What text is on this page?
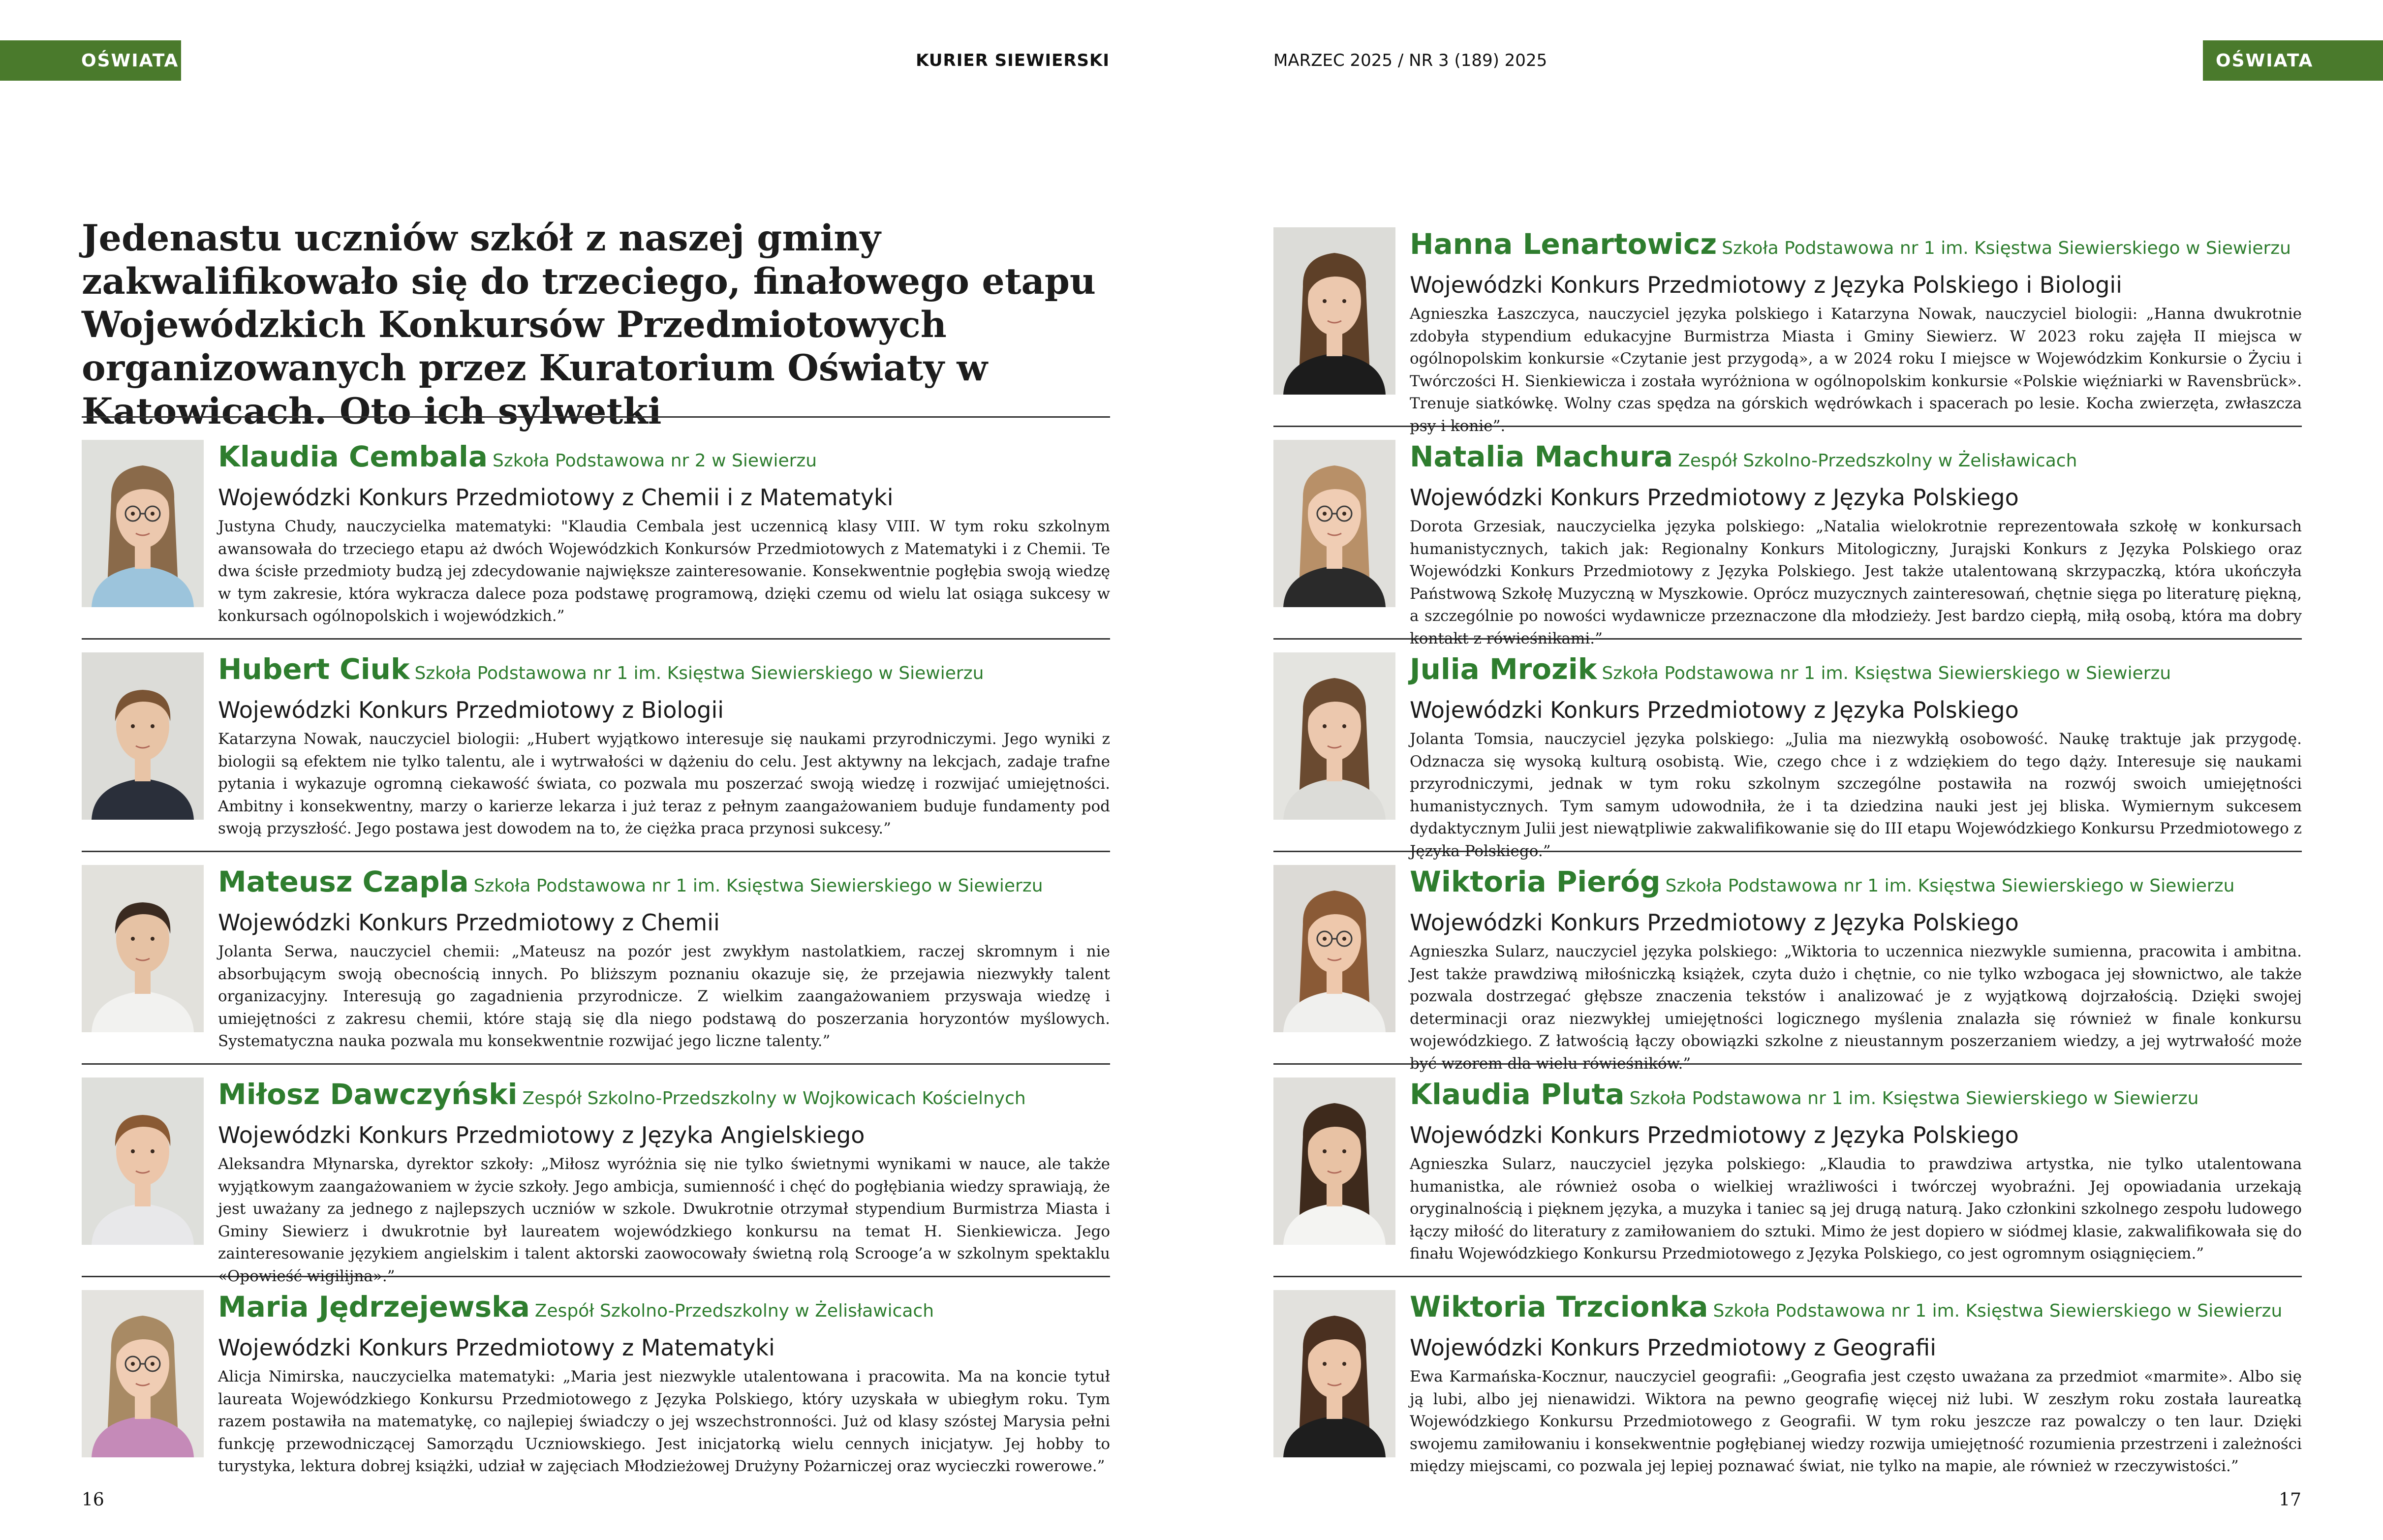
OŚWIATA	KURIER SIEWIERSKI
Jedenastu uczniów szkół z naszej gminy zakwalifikowało się do trzeciego, finałowego etapu Wojewódzkich Konkursów Przedmiotowych organizowanych przez Kuratorium Oświaty w Katowicach. Oto ich sylwetki
Klaudia Cembala Szkoła Podstawowa nr 2 w Siewierzu
Wojewódzki Konkurs Przedmiotowy z Chemii i z Matematyki
Justyna Chudy, nauczycielka matematyki: "Klaudia Cembala jest uczennicą klasy VIII. W tym roku szkolnym awansowała do trzeciego etapu aż dwóch Wojewódzkich Konkursów Przedmiotowych z Matematyki i z Chemii. Te dwa ścisłe przedmioty budzą jej zdecydowanie największe zainteresowanie. Konsekwentnie pogłębia swoją wiedzę w tym zakresie, która wykracza dalece poza podstawę programową, dzięki czemu od wielu lat osiąga sukcesy w konkursach ogólnopolskich i wojewódzkich.”
Hubert Ciuk Szkoła Podstawowa nr 1 im. Księstwa Siewierskiego w Siewierzu
Wojewódzki Konkurs Przedmiotowy z Biologii
Katarzyna Nowak, nauczyciel biologii: „Hubert wyjątkowo interesuje się naukami przyrodniczymi. Jego wyniki z biologii są efektem nie tylko talentu, ale i wytrwałości w dążeniu do celu. Jest aktywny na lekcjach, zadaje trafne pytania i wykazuje ogromną ciekawość świata, co pozwala mu poszerzać swoją wiedzę i rozwijać umiejętności. Ambitny i konsekwentny, marzy o karierze lekarza i już teraz z pełnym zaangażowaniem buduje fundamenty pod swoją przyszłość. Jego postawa jest dowodem na to, że ciężka praca przynosi sukcesy.”
Mateusz Czapla Szkoła Podstawowa nr 1 im. Księstwa Siewierskiego w Siewierzu
Wojewódzki Konkurs Przedmiotowy z Chemii
Jolanta Serwa, nauczyciel chemii: „Mateusz na pozór jest zwykłym nastolatkiem, raczej skromnym i nie absorbującym swoją obecnością innych. Po bliższym poznaniu okazuje się, że przejawia niezwykły talent organizacyjny. Interesują go zagadnienia przyrodnicze. Z wielkim zaangażowaniem przyswaja wiedzę i umiejętności z zakresu chemii, które stają się dla niego podstawą do poszerzania horyzontów myślowych. Systematyczna nauka pozwala mu konsekwentnie rozwijać jego liczne talenty.”
Miłosz Dawczyński Zespół Szkolno-Przedszkolny w Wojkowicach Kościelnych
Wojewódzki Konkurs Przedmiotowy z Języka Angielskiego
Aleksandra Młynarska, dyrektor szkoły: „Miłosz wyróżnia się nie tylko świetnymi wynikami w nauce, ale także wyjątkowym zaangażowaniem w życie szkoły. Jego ambicja, sumienność i chęć do pogłębiania wiedzy sprawiają, że jest uważany za jednego z najlepszych uczniów w szkole. Dwukrotnie otrzymał stypendium Burmistrza Miasta i Gminy Siewierz i dwukrotnie był laureatem wojewódzkiego konkursu na temat H. Sienkiewicza. Jego zainteresowanie językiem angielskim i talent aktorski zaowocowały świetną rolą Scrooge’a w szkolnym spektaklu «Opowieść wigilijna».”
Maria Jędrzejewska Zespół Szkolno-Przedszkolny w Żelisławicach
Wojewódzki Konkurs Przedmiotowy z Matematyki
Alicja Nimirska, nauczycielka matematyki: „Maria jest niezwykle utalentowana i pracowita. Ma na koncie tytuł laureata Wojewódzkiego Konkursu Przedmiotowego z Języka Polskiego, który uzyskała w ubiegłym roku. Tym razem postawiła na matematykę, co najlepiej świadczy o jej wszechstronności. Już od klasy szóstej Marysia pełni funkcję przewodniczącej Samorządu Uczniowskiego. Jest inicjatorką wielu cennych inicjatyw. Jej hobby to turystyka, lektura dobrej książki, udział w zajęciach Młodzieżowej Drużyny Pożarniczej oraz wycieczki rowerowe.”
16
OŚWIATA
MARZEC 2025 / NR 3 (189) 2025
Hanna Lenartowicz Szkoła Podstawowa nr 1 im. Księstwa Siewierskiego w Siewierzu
Wojewódzki Konkurs Przedmiotowy z Języka Polskiego i Biologii
Agnieszka Łaszczyca, nauczyciel języka polskiego i Katarzyna Nowak, nauczyciel biologii: „Hanna dwukrotnie zdobyła stypendium edukacyjne Burmistrza Miasta i Gminy Siewierz. W 2023 roku zajęła II miejsca w ogólnopolskim konkursie «Czytanie jest przygodą», a w 2024 roku I miejsce w Wojewódzkim Konkursie o Życiu i Twórczości H. Sienkiewicza i została wyróżniona w ogólnopolskim konkursie «Polskie więźniarki w Ravensbrück». Trenuje siatkówkę. Wolny czas spędza na górskich wędrówkach i spacerach po lesie. Kocha zwierzęta, zwłaszcza psy i konie”.
Natalia Machura Zespół Szkolno-Przedszkolny w Żelisławicach
Wojewódzki Konkurs Przedmiotowy z Języka Polskiego
Dorota Grzesiak, nauczycielka języka polskiego: „Natalia wielokrotnie reprezentowała szkołę w konkursach humanistycznych, takich jak: Regionalny Konkurs Mitologiczny, Jurajski Konkurs z Języka Polskiego oraz Wojewódzki Konkurs Przedmiotowy z Języka Polskiego. Jest także utalentowaną skrzypaczką, która ukończyła Państwową Szkołę Muzyczną w Myszkowie. Oprócz muzycznych zainteresowań, chętnie sięga po literaturę piękną, a szczególnie po nowości wydawnicze przeznaczone dla młodzieży. Jest bardzo ciepłą, miłą osobą, która ma dobry kontakt z rówieśnikami.”
Julia Mrozik Szkoła Podstawowa nr 1 im. Księstwa Siewierskiego w Siewierzu
Wojewódzki Konkurs Przedmiotowy z Języka Polskiego
Jolanta Tomsia, nauczyciel języka polskiego: „Julia ma niezwykłą osobowość. Naukę traktuje jak przygodę. Odznacza się wysoką kulturą osobistą. Wie, czego chce i z wdziękiem do tego dąży. Interesuje się naukami przyrodniczymi, jednak w tym roku szkolnym szczególne postawiła na rozwój swoich umiejętności humanistycznych. Tym samym udowodniła, że i ta dziedzina nauki jest jej bliska. Wymiernym sukcesem dydaktycznym Julii jest niewątpliwie zakwalifikowanie się do III etapu Wojewódzkiego Konkursu Przedmiotowego z Języka Polskiego.”
Wiktoria Pieróg Szkoła Podstawowa nr 1 im. Księstwa Siewierskiego w Siewierzu
Wojewódzki Konkurs Przedmiotowy z Języka Polskiego
Agnieszka Sularz, nauczyciel języka polskiego: „Wiktoria to uczennica niezwykle sumienna, pracowita i ambitna. Jest także prawdziwą miłośniczką książek, czyta dużo i chętnie, co nie tylko wzbogaca jej słownictwo, ale także pozwala dostrzegać głębsze znaczenia tekstów i analizować je z wyjątkową dojrzałością. Dzięki swojej determinacji oraz niezwykłej umiejętności logicznego myślenia znalazła się również w finale konkursu wojewódzkiego. Z łatwością łączy obowiązki szkolne z nieustannym poszerzaniem wiedzy, a jej wytrwałość może być wzorem dla wielu rówieśników.”
Klaudia Pluta Szkoła Podstawowa nr 1 im. Księstwa Siewierskiego w Siewierzu
Wojewódzki Konkurs Przedmiotowy z Języka Polskiego
Agnieszka Sularz, nauczyciel języka polskiego: „Klaudia to prawdziwa artystka, nie tylko utalentowana humanistka, ale również osoba o wielkiej wrażliwości i twórczej wyobraźni. Jej opowiadania urzekają oryginalnością i pięknem języka, a muzyka i taniec są jej drugą naturą. Jako członkini szkolnego zespołu ludowego łączy miłość do literatury z zamiłowaniem do sztuki. Mimo że jest dopiero w siódmej klasie, zakwalifikowała się do finału Wojewódzkiego Konkursu Przedmiotowego z Języka Polskiego, co jest ogromnym osiągnięciem.”
Wiktoria Trzcionka Szkoła Podstawowa nr 1 im. Księstwa Siewierskiego w Siewierzu
Wojewódzki Konkurs Przedmiotowy z Geografii
Ewa Karmańska-Kocznur, nauczyciel geografii: „Geografia jest często uważana za przedmiot «marmite». Albo się ją lubi, albo jej nienawidzi. Wiktora na pewno geografię więcej niż lubi. W zeszłym roku została laureatką Wojewódzkiego Konkursu Przedmiotowego z Geografii. W tym roku jeszcze raz powalczy o ten laur. Dzięki swojemu zamiłowaniu i konsekwentnie pogłębianej wiedzy rozwija umiejętność rozumienia przestrzeni i zależności między miejscami, co pozwala jej lepiej poznawać świat, nie tylko na mapie, ale również w rzeczywistości.”
17
